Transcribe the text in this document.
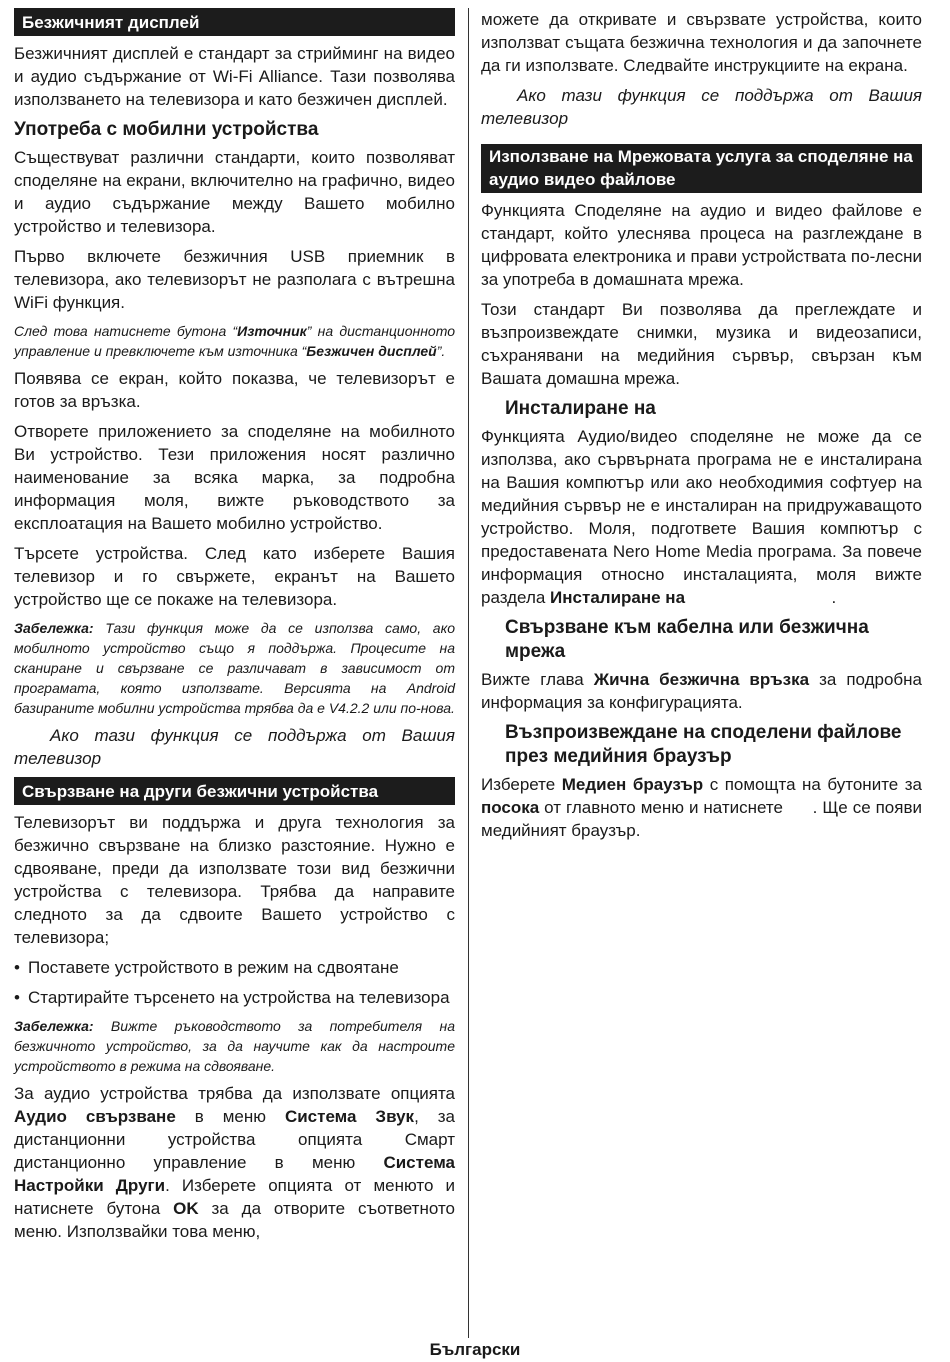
Безжичният дисплей

Безжичният дисплей е стандарт за стрийминг на видео и аудио съдържание от Wi-Fi Alliance. Тази позволява използването на телевизора и като безжичен дисплей.

Употреба с мобилни устройства

Съществуват различни стандарти, които позволяват споделяне на екрани, включително на графично, видео и аудио съдържание между Вашето мобилно устройство и телевизора.

Първо включете безжичния USB приемник в телевизора, ако телевизорът не разполага с вътрешна WiFi функция.

След това натиснете бутона “Източник” на дистанционното управление и превключете към източника “Безжичен дисплей”.

Появява се екран, който показва, че телевизорът е готов за връзка.

Отворете приложението за споделяне на мобилното Ви устройство. Тези приложения носят различно наименование за всяка марка, за подробна информация моля, вижте ръководството за експлоатация на Вашето мобилно устройство.

Търсете устройства. След като изберете Вашия телевизор и го свържете, екранът на Вашето устройство ще се покаже на телевизора.

Забележка: Тази функция може да се използва само, ако мобилното устройство също я поддържа. Процесите на сканиране и свързване се различават в зависимост от програмата, която използвате. Версията на Android базираните мобилни устройства трябва да е V4.2.2 или по-нова.

Ако тази функция се поддържа от Вашия телевизор

Свързване на други безжични устройства

Телевизорът ви поддържа и друга технология за безжично свързване на близко разстояние. Нужно е сдвояване, преди да използвате този вид безжични устройства с телевизора. Трябва да направите следното за да сдвоите Вашето устройство с телевизора;

• Поставете устройството в режим на сдвоятане
• Стартирайте търсенето на устройства на телевизора

Забележка: Вижте ръководството за потребителя на безжичното устройство, за да научите как да настроите устройството в режима на сдвояване.

За аудио устройства трябва да използвате опцията Аудио свързване в меню Система Звук, за дистанционни устройства опцията Смарт дистанционно управление в меню Система Настройки Други. Изберете опцията от менюто и натиснете бутона OK за да отворите съответното меню. Използвайки това меню,

можете да откривате и свързвате устройства, които използват същата безжична технология и да започнете да ги използвате. Следвайте инструкциите на екрана.

Ако тази функция се поддържа от Вашия телевизор

Използване на Мрежовата услуга за споделяне на аудио видео файлове

Функцията Споделяне на аудио и видео файлове е стандарт, който улеснява процеса на разглеждане в цифровата електроника и прави устройствата по-лесни за употреба в домашната мрежа.

Този стандарт Ви позволява да преглеждате и възпроизвеждате снимки, музика и видеозаписи, съхранявани на медийния сървър, свързан към Вашата домашна мрежа.

Инсталиране на

Функцията Аудио/видео споделяне не може да се използва, ако сървърната програма не е инсталирана на Вашия компютър или ако необходимия софтуер на медийния сървър не е инсталиран на придружаващото устройство. Моля, подгответе Вашия компютър с предоставената Nero Home Media програма. За повече информация относно инсталацията, моля вижте раздела Инсталиране на                               .

Свързване към кабелна или безжична мрежа

Вижте глава Жична безжична връзка за подробна информация за конфигурацията.

Възпроизвеждане на споделени файлове през медийния браузър

Изберете Медиен браузър с помощта на бутоните за посока от главното меню и натиснете      . Ще се появи медийният браузър.

Български
